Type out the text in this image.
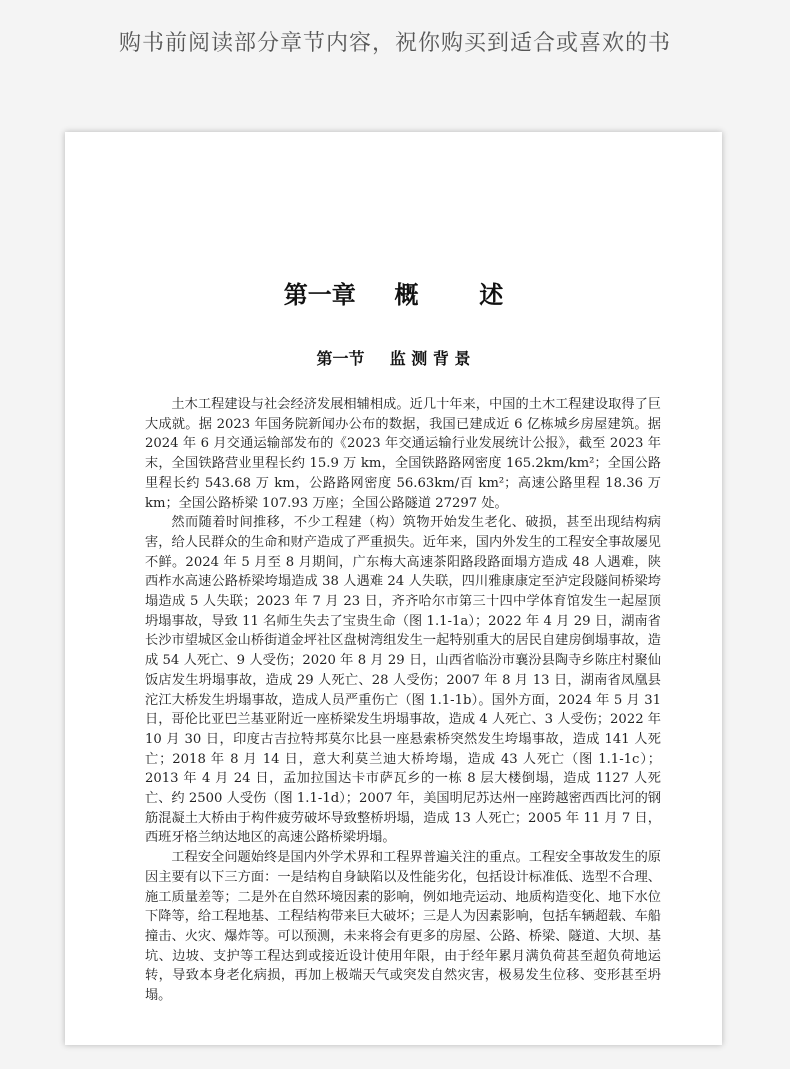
购书前阅读部分章节内容，祝你购买到适合或喜欢的书
第一章 概	述
第一节 监 测 背 景

土木工程建设与社会经济发展相辅相成。近几十年来，中国的土木工程建设取得了巨大成就。据 2023 年国务院新闻办公布的数据，我国已建成近 6 亿栋城乡房屋建筑。据 2024 年 6 月交通运输部发布的《2023 年交通运输行业发展统计公报》，截至 2023 年末，全国铁路营业里程长约 15.9 万 km，全国铁路路网密度 165.2km/km²；全国公路里程长约 543.68 万 km，公路路网密度 56.63km/百 km²；高速公路里程 18.36 万 km；全国公路桥梁 107.93 万座；全国公路隧道 27297 处。

然而随着时间推移，不少工程建（构）筑物开始发生老化、破损，甚至出现结构病害，给人民群众的生命和财产造成了严重损失。近年来，国内外发生的工程安全事故屡见不鲜。2024 年 5 月至 8 月期间，广东梅大高速茶阳路段路面塌方造成 48 人遇难，陕西柞水高速公路桥梁垮塌造成 38 人遇难 24 人失联，四川雅康康定至泸定段隧间桥梁垮塌造成 5 人失联；2023 年 7 月 23 日，齐齐哈尔市第三十四中学体育馆发生一起屋顶坍塌事故，导致 11 名师生失去了宝贵生命（图 1.1-1a）；2022 年 4 月 29 日，湖南省长沙市望城区金山桥街道金坪社区盘树湾组发生一起特别重大的居民自建房倒塌事故，造成 54 人死亡、9 人受伤；2020 年 8 月 29 日，山西省临汾市襄汾县陶寺乡陈庄村聚仙饭店发生坍塌事故，造成 29 人死亡、28 人受伤；2007 年 8 月 13 日，湖南省凤凰县沱江大桥发生坍塌事故，造成人员严重伤亡（图 1.1-1b）。国外方面，2024 年 5 月 31 日，哥伦比亚巴兰基亚附近一座桥梁发生坍塌事故，造成 4 人死亡、3 人受伤；2022 年 10 月 30 日，印度古吉拉特邦莫尔比县一座悬索桥突然发生垮塌事故，造成 141 人死亡；2018 年 8 月 14 日，意大利莫兰迪大桥垮塌，造成 43 人死亡（图 1.1-1c）；2013 年 4 月 24 日，孟加拉国达卡市萨瓦乡的一栋 8 层大楼倒塌，造成 1127 人死亡、约 2500 人受伤（图 1.1-1d）；2007 年，美国明尼苏达州一座跨越密西西比河的钢筋混凝土大桥由于构件疲劳破坏导致整桥坍塌，造成 13 人死亡；2005 年 11 月 7 日，西班牙格兰纳达地区的高速公路桥梁坍塌。

工程安全问题始终是国内外学术界和工程界普遍关注的重点。工程安全事故发生的原因主要有以下三方面：一是结构自身缺陷以及性能劣化，包括设计标准低、选型不合理、施工质量差等；二是外在自然环境因素的影响，例如地壳运动、地质构造变化、地下水位下降等，给工程地基、工程结构带来巨大破坏；三是人为因素影响，包括车辆超载、车船撞击、火灾、爆炸等。可以预测，未来将会有更多的房屋、公路、桥梁、隧道、大坝、基坑、边坡、支护等工程达到或接近设计使用年限，由于经年累月满负荷甚至超负荷地运转，导致本身老化病损，再加上极端天气或突发自然灾害，极易发生位移、变形甚至坍塌。
